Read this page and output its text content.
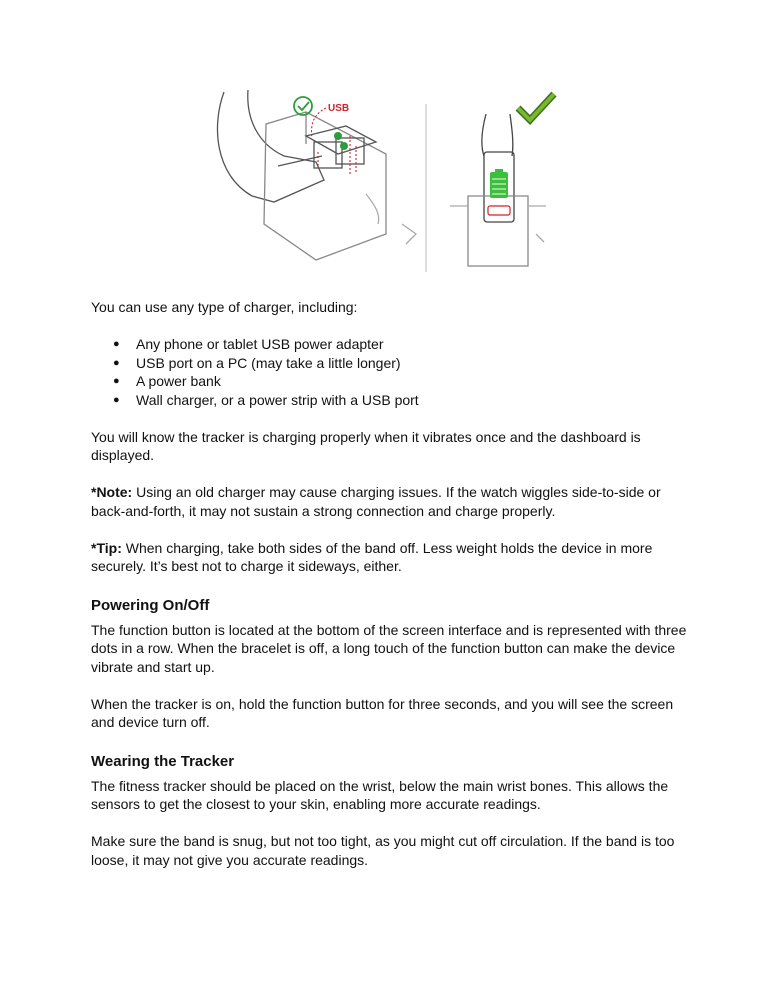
USB

You can use any type of charger, including:

● Any phone or tablet USB power adapter
● USB port on a PC (may take a little longer)
● A power bank
● Wall charger, or a power strip with a USB port

You will know the tracker is charging properly when it vibrates once and the dashboard is displayed.

*Note: Using an old charger may cause charging issues. If the watch wiggles side-to-side or back-and-forth, it may not sustain a strong connection and charge properly.

*Tip: When charging, take both sides of the band off. Less weight holds the device in more securely. It’s best not to charge it sideways, either.

Powering On/Off

The function button is located at the bottom of the screen interface and is represented with three dots in a row. When the bracelet is off, a long touch of the function button can make the device vibrate and start up.

When the tracker is on, hold the function button for three seconds, and you will see the screen and device turn off.

Wearing the Tracker

The fitness tracker should be placed on the wrist, below the main wrist bones. This allows the sensors to get the closest to your skin, enabling more accurate readings.

Make sure the band is snug, but not too tight, as you might cut off circulation. If the band is too loose, it may not give you accurate readings.
